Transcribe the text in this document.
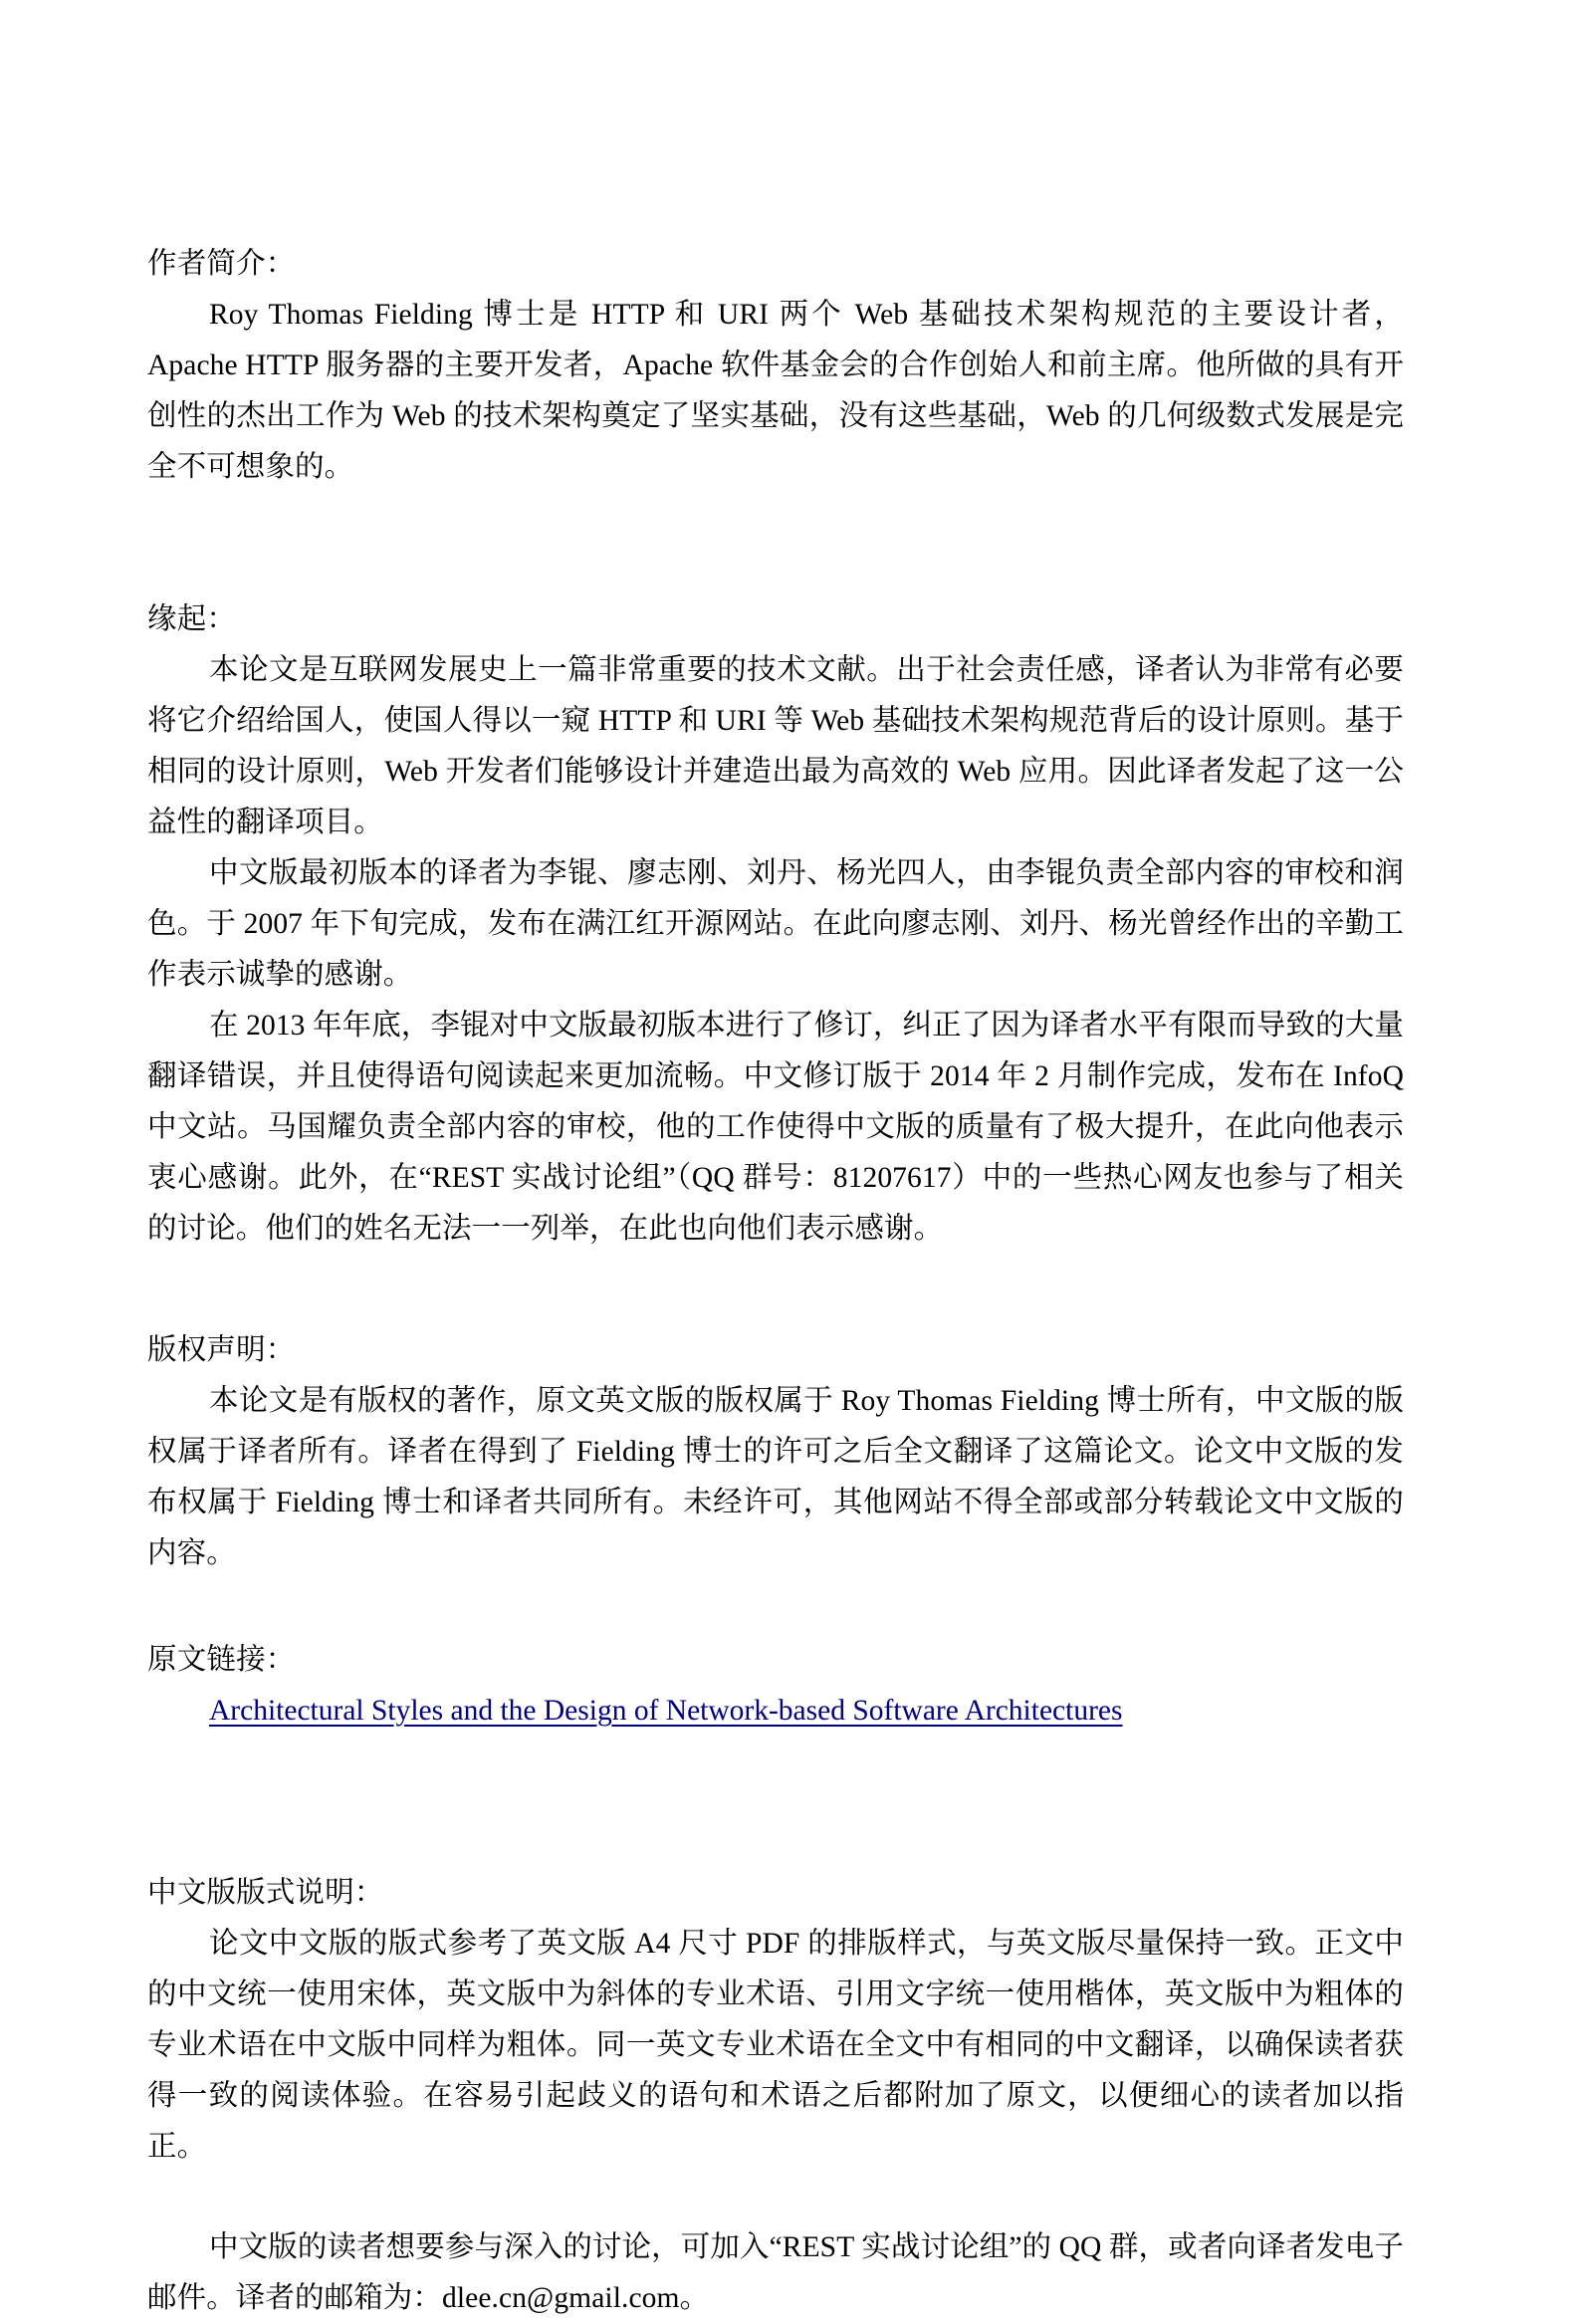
作者简介：

Roy Thomas Fielding 博士是 HTTP 和 URI 两个 Web 基础技术架构规范的主要设计者，Apache HTTP 服务器的主要开发者，Apache 软件基金会的合作创始人和前主席。他所做的具有开创性的杰出工作为 Web 的技术架构奠定了坚实基础，没有这些基础，Web 的几何级数式发展是完全不可想象的。

缘起：

本论文是互联网发展史上一篇非常重要的技术文献。出于社会责任感，译者认为非常有必要将它介绍给国人，使国人得以一窥 HTTP 和 URI 等 Web 基础技术架构规范背后的设计原则。基于相同的设计原则，Web 开发者们能够设计并建造出最为高效的 Web 应用。因此译者发起了这一公益性的翻译项目。

中文版最初版本的译者为李锟、廖志刚、刘丹、杨光四人，由李锟负责全部内容的审校和润色。于 2007 年下旬完成，发布在满江红开源网站。在此向廖志刚、刘丹、杨光曾经作出的辛勤工作表示诚挚的感谢。

在 2013 年年底，李锟对中文版最初版本进行了修订，纠正了因为译者水平有限而导致的大量翻译错误，并且使得语句阅读起来更加流畅。中文修订版于 2014 年 2 月制作完成，发布在 InfoQ 中文站。马国耀负责全部内容的审校，他的工作使得中文版的质量有了极大提升，在此向他表示衷心感谢。此外，在“REST 实战讨论组”（QQ 群号：81207617）中的一些热心网友也参与了相关的讨论。他们的姓名无法一一列举，在此也向他们表示感谢。

版权声明：

本论文是有版权的著作，原文英文版的版权属于 Roy Thomas Fielding 博士所有，中文版的版权属于译者所有。译者在得到了 Fielding 博士的许可之后全文翻译了这篇论文。论文中文版的发布权属于 Fielding 博士和译者共同所有。未经许可，其他网站不得全部或部分转载论文中文版的内容。

原文链接：

Architectural Styles and the Design of Network-based Software Architectures

中文版版式说明：

论文中文版的版式参考了英文版 A4 尺寸 PDF 的排版样式，与英文版尽量保持一致。正文中的中文统一使用宋体，英文版中为斜体的专业术语、引用文字统一使用楷体，英文版中为粗体的专业术语在中文版中同样为粗体。同一英文专业术语在全文中有相同的中文翻译，以确保读者获得一致的阅读体验。在容易引起歧义的语句和术语之后都附加了原文，以便细心的读者加以指正。

中文版的读者想要参与深入的讨论，可加入“REST 实战讨论组”的 QQ 群，或者向译者发电子邮件。译者的邮箱为：dlee.cn@gmail.com。
